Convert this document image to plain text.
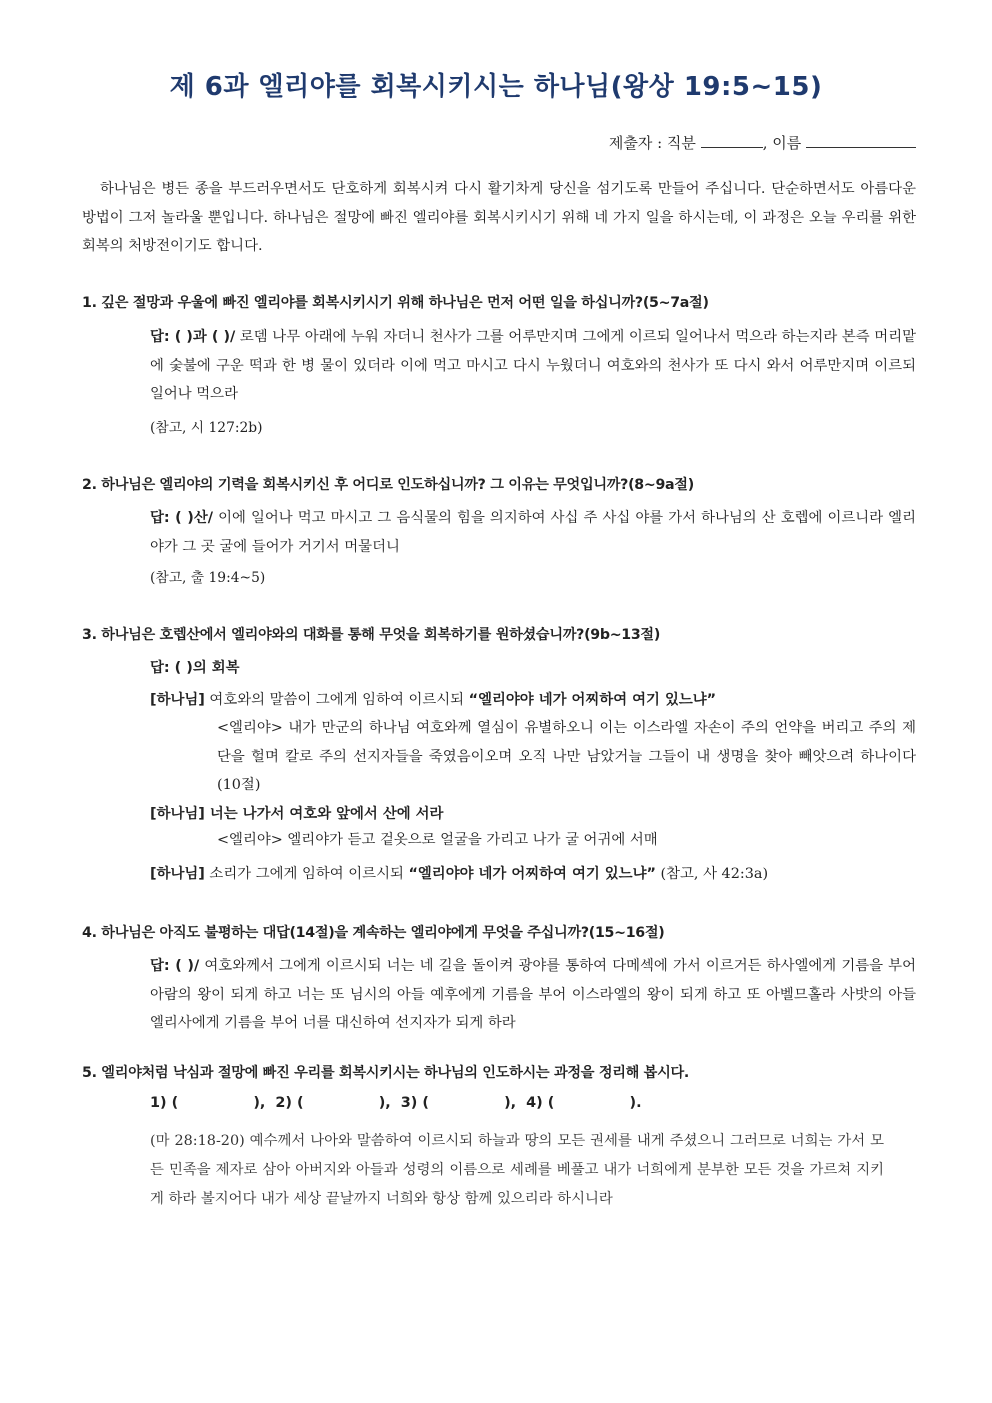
제 6과 엘리야를 회복시키시는 하나님(왕상 19:5~15)
제출자 : 직분	, 이름
하나님은 병든 종을 부드러우면서도 단호하게 회복시켜 다시 활기차게 당신을 섬기도록 만들어 주십니다. 단순하면서도 아름다운 방법이 그저 놀라울 뿐입니다. 하나님은 절망에 빠진 엘리야를 회복시키시기 위해 네 가지 일을 하시는데, 이 과정은 오늘 우리를 위한 회복의 처방전이기도 합니다.
1. 깊은 절망과 우울에 빠진 엘리야를 회복시키시기 위해 하나님은 먼저 어떤 일을 하십니까?(5~7a절)
답: ( )과 ( )/ 로뎀 나무 아래에 누워 자더니 천사가 그를 어루만지며 그에게 이르되 일어나서 먹으라 하는지라 본즉 머리맡에 숯불에 구운 떡과 한 병 물이 있더라 이에 먹고 마시고 다시 누웠더니 여호와의 천사가 또 다시 와서 어루만지며 이르되 일어나 먹으라
(참고, 시 127:2b)
2. 하나님은 엘리야의 기력을 회복시키신 후 어디로 인도하십니까? 그 이유는 무엇입니까?(8~9a절)
답: ( )산/ 이에 일어나 먹고 마시고 그 음식물의 힘을 의지하여 사십 주 사십 야를 가서 하나님의 산 호렙에 이르니라 엘리야가 그 곳 굴에 들어가 거기서 머물더니
(참고, 출 19:4~5)
3. 하나님은 호렙산에서 엘리야와의 대화를 통해 무엇을 회복하기를 원하셨습니까?(9b~13절)
답: ( )의 회복
[하나님] 여호와의 말씀이 그에게 임하여 이르시되 “엘리야야 네가 어찌하여 여기 있느냐”
<엘리야> 내가 만군의 하나님 여호와께 열심이 유별하오니 이는 이스라엘 자손이 주의 언약을 버리고 주의 제단을 헐며 칼로 주의 선지자들을 죽였음이오며 오직 나만 남았거늘 그들이 내 생명을 찾아 빼앗으려 하나이다(10절)
[하나님] 너는 나가서 여호와 앞에서 산에 서라
<엘리야> 엘리야가 듣고 겉옷으로 얼굴을 가리고 나가 굴 어귀에 서매
[하나님] 소리가 그에게 임하여 이르시되 “엘리야야 네가 어찌하여 여기 있느냐” (참고, 사 42:3a)
4. 하나님은 아직도 불평하는 대답(14절)을 계속하는 엘리야에게 무엇을 주십니까?(15~16절)
답: ( )/ 여호와께서 그에게 이르시되 너는 네 길을 돌이켜 광야를 통하여 다메섹에 가서 이르거든 하사엘에게 기름을 부어 아람의 왕이 되게 하고 너는 또 님시의 아들 예후에게 기름을 부어 이스라엘의 왕이 되게 하고 또 아벨므홀라 사밧의 아들 엘리사에게 기름을 부어 너를 대신하여 선지자가 되게 하라
5. 엘리야처럼 낙심과 절망에 빠진 우리를 회복시키시는 하나님의 인도하시는 과정을 정리해 봅시다.
1) (               ),  2) (               ),  3) (               ),  4) (               ).
(마 28:18-20) 예수께서 나아와 말씀하여 이르시되 하늘과 땅의 모든 권세를 내게 주셨으니 그러므로 너희는 가서 모든 민족을 제자로 삼아 아버지와 아들과 성령의 이름으로 세례를 베풀고 내가 너희에게 분부한 모든 것을 가르쳐 지키게 하라 볼지어다 내가 세상 끝날까지 너희와 항상 함께 있으리라 하시니라
